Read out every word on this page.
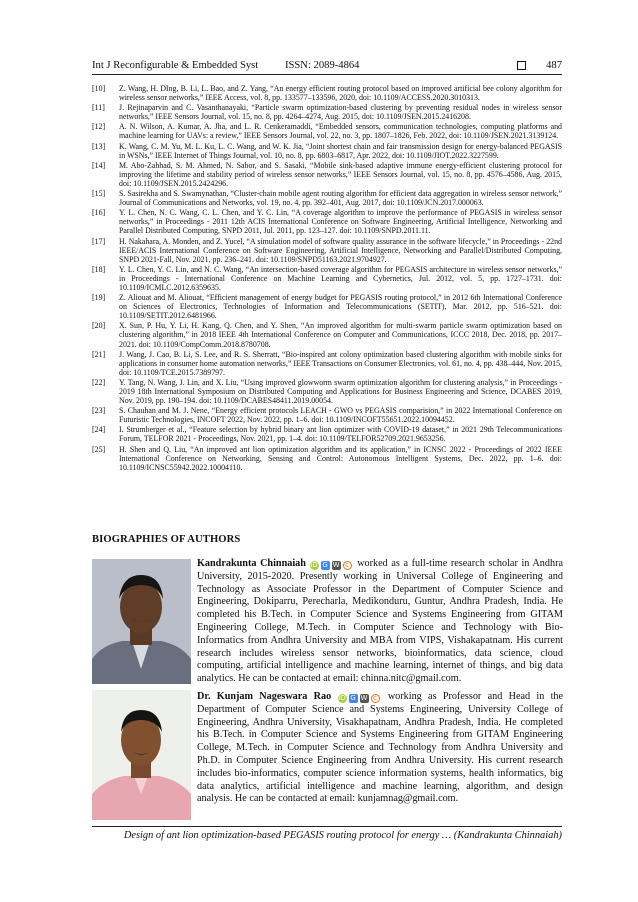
Int J Reconfigurable & Embedded Syst	ISSN: 2089-4864	487
[10] Z. Wang, H. DIng, B. Li, L. Bao, and Z. Yang, “An energy efficient routing protocol based on improved artificial bee colony algorithm for wireless sensor networks,” IEEE Access, vol. 8, pp. 133577–133596, 2020, doi: 10.1109/ACCESS.2020.3010313.
[11] J. Rejinaparvin and C. Vasanthanayaki, “Particle swarm optimization-based clustering by preventing residual nodes in wireless sensor networks,” IEEE Sensors Journal, vol. 15, no. 8, pp. 4264–4274, Aug. 2015, doi: 10.1109/JSEN.2015.2416208.
[12] A. N. Wilson, A. Kumar, A. Jha, and L. R. Cenkeramaddi, “Embedded sensors, communication technologies, computing platforms and machine learning for UAVs: a review,” IEEE Sensors Journal, vol. 22, no. 3, pp. 1807–1826, Feb. 2022, doi: 10.1109/JSEN.2021.3139124.
[13] K. Wang, C. M. Yu, M. L. Ku, L. C. Wang, and W. K. Jia, “Joint shortest chain and fair transmission design for energy-balanced PEGASIS in WSNs,” IEEE Internet of Things Journal, vol. 10, no. 8, pp. 6803–6817, Apr. 2022, doi: 10.1109/JIOT.2022.3227599.
[14] M. Abo-Zahhad, S. M. Ahmed, N. Sabor, and S. Sasaki, “Mobile sink-based adaptive immune energy-efficient clustering protocol for improving the lifetime and stability period of wireless sensor networks,” IEEE Sensors Journal, vol. 15, no. 8, pp. 4576–4586, Aug. 2015, doi: 10.1109/JSEN.2015.2424296.
[15] S. Sasirekha and S. Swamynathan, “Cluster-chain mobile agent routing algorithm for efficient data aggregation in wireless sensor network,” Journal of Communications and Networks, vol. 19, no. 4, pp. 392–401, Aug. 2017, doi: 10.1109/JCN.2017.000063.
[16] Y. L. Chen, N. C. Wang, C. L. Chen, and Y. C. Lin, “A coverage algorithm to improve the performance of PEGASIS in wireless sensor networks,” in Proceedings - 2011 12th ACIS International Conference on Software Engineering, Artificial Intelligence, Networking and Parallel Distributed Computing, SNPD 2011, Jul. 2011, pp. 123–127. doi: 10.1109/SNPD.2011.11.
[17] H. Nakahara, A. Monden, and Z. Yucel, “A simulation model of software quality assurance in the software lifecycle,” in Proceedings - 22nd IEEE/ACIS International Conference on Software Engineering, Artificial Intelligence, Networking and Parallel/Distributed Computing, SNPD 2021-Fall, Nov. 2021, pp. 236–241. doi: 10.1109/SNPD51163.2021.9704927.
[18] Y. L. Chen, Y. C. Lin, and N. C. Wang, “An intersection-based coverage algorithm for PEGASIS architecture in wireless sensor networks,” in Proceedings - International Conference on Machine Learning and Cybernetics, Jul. 2012, vol. 5, pp. 1727–1731. doi: 10.1109/ICMLC.2012.6359635.
[19] Z. Aliouat and M. Aliouat, “Efficient management of energy budget for PEGASIS routing protocol,” in 2012 6th International Conference on Sciences of Electronics, Technologies of Information and Telecommunications (SETIT), Mar. 2012, pp. 516–521. doi: 10.1109/SETIT.2012.6481966.
[20] X. Sun, P. Hu, Y. Li, H. Kang, Q. Chen, and Y. Shen, “An improved algorithm for multi-swarm particle swarm optimization based on clustering algorithm,” in 2018 IEEE 4th International Conference on Computer and Communications, ICCC 2018, Dec. 2018, pp. 2017–2021. doi: 10.1109/CompComm.2018.8780708.
[21] J. Wang, J. Cao, B. Li, S. Lee, and R. S. Sherratt, “Bio-inspired ant colony optimization based clustering algorithm with mobile sinks for applications in consumer home automation networks,” IEEE Transactions on Consumer Electronics, vol. 61, no. 4, pp. 438–444, Nov. 2015, doi: 10.1109/TCE.2015.7389797.
[22] Y. Tang, N. Wang, J. Lin, and X. Liu, “Using improved glowworm swarm optimization algorithm for clustering analysis,” in Proceedings - 2019 18th International Symposium on Distributed Computing and Applications for Business Engineering and Science, DCABES 2019, Nov. 2019, pp. 190–194. doi: 10.1109/DCABES48411.2019.00054.
[23] S. Chauhan and M. J. Nene, “Energy efficient protocols LEACH - GWO vs PEGASIS comparision,” in 2022 International Conference on Futuristic Technologies, INCOFT 2022, Nov. 2022, pp. 1–6. doi: 10.1109/INCOFT55651.2022.10094452.
[24] I. Strumberger et al., “Feature selection by hybrid binary ant lion optimizer with COVID-19 dataset,” in 2021 29th Telecommunications Forum, TELFOR 2021 - Proceedings, Nov. 2021, pp. 1–4. doi: 10.1109/TELFOR52709.2021.9653256.
[25] H. Shen and Q. Liu, “An improved ant lion optimization algorithm and its application,” in ICNSC 2022 - Proceedings of 2022 IEEE International Conference on Networking, Sensing and Control: Autonomous Intelligent Systems, Dec. 2022, pp. 1–6. doi: 10.1109/ICNSC55942.2022.10004110.
BIOGRAPHIES OF AUTHORS
Kandrakunta Chinnaiah iD G W c worked as a full-time research scholar in Andhra University, 2015-2020. Presently working in Universal College of Engineering and Technology as Associate Professor in the Department of Computer Science and Engineering, Dokiparru, Perecharla, Medikonduru, Guntur, Andhra Pradesh, India. He completed his B.Tech. in Computer Science and Systems Engineering from GITAM Engineering College, M.Tech. in Computer Science and Technology with Bio-Informatics from Andhra University and MBA from VIPS, Vishakapatnam. His current research includes wireless sensor networks, bioinformatics, data science, cloud computing, artificial intelligence and machine learning, internet of things, and big data analytics. He can be contacted at email: chinna.nitc@gmail.com.
Dr. Kunjam Nageswara Rao iD G W c working as Professor and Head in the Department of Computer Science and Systems Engineering, University College of Engineering, Andhra University, Visakhapatnam, Andhra Pradesh, India. He completed his B.Tech. in Computer Science and Systems Engineering from GITAM Engineering College, M.Tech. in Computer Science and Technology from Andhra University and Ph.D. in Computer Science Engineering from Andhra University. His current research includes bio-informatics, computer science information systems, health informatics, big data analytics, artificial intelligence and machine learning, algorithm, and design analysis. He can be contacted at email: kunjamnag@gmail.com.
Design of ant lion optimization-based PEGASIS routing protocol for energy … (Kandrakunta Chinnaiah)
